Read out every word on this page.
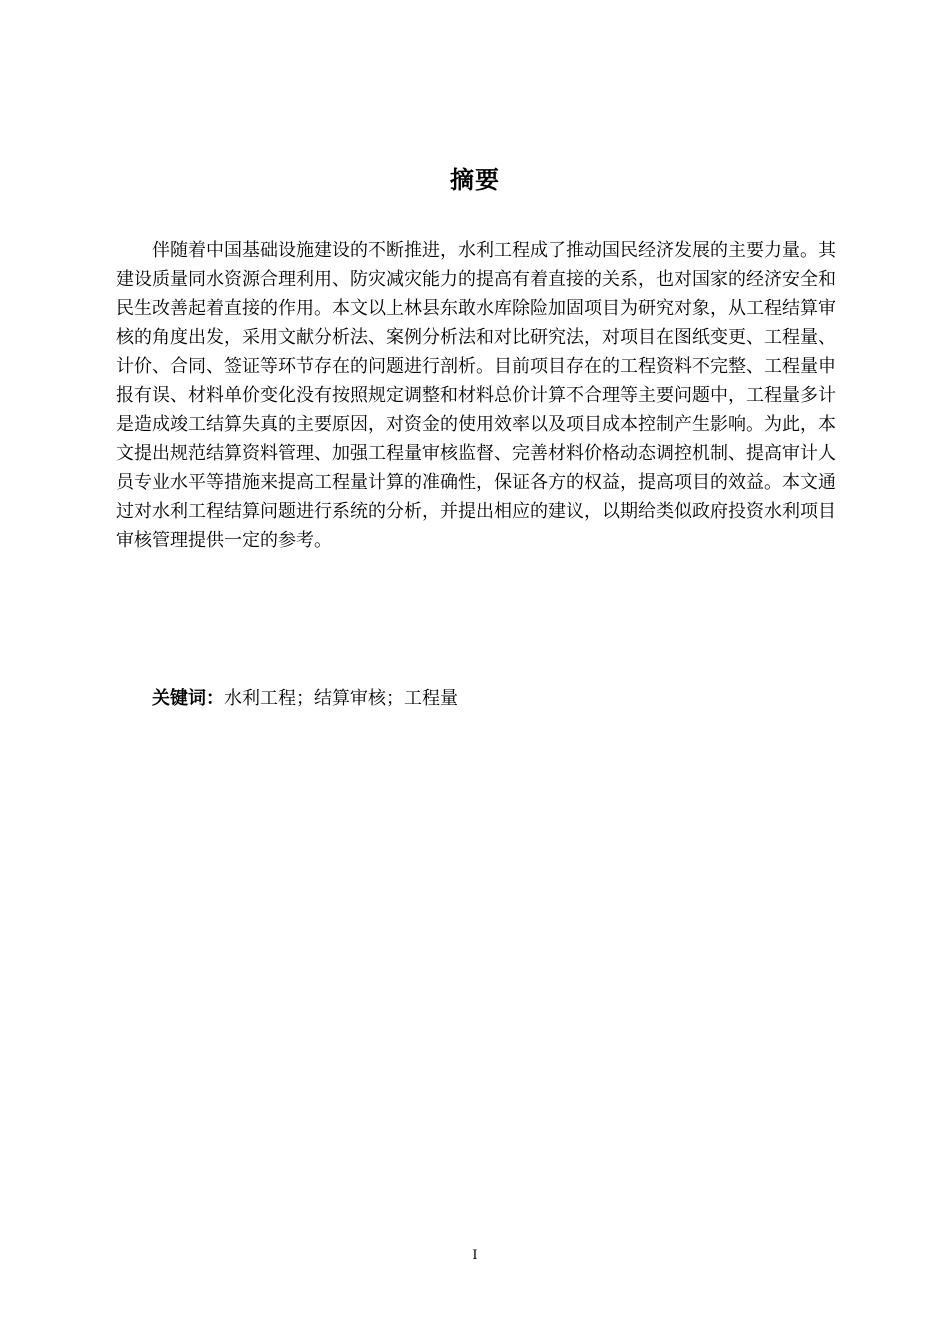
摘要

伴随着中国基础设施建设的不断推进，水利工程成了推动国民经济发展的主要力量。其建设质量同水资源合理利用、防灾减灾能力的提高有着直接的关系，也对国家的经济安全和民生改善起着直接的作用。本文以上林县东敢水库除险加固项目为研究对象，从工程结算审核的角度出发，采用文献分析法、案例分析法和对比研究法，对项目在图纸变更、工程量、计价、合同、签证等环节存在的问题进行剖析。目前项目存在的工程资料不完整、工程量申报有误、材料单价变化没有按照规定调整和材料总价计算不合理等主要问题中，工程量多计是造成竣工结算失真的主要原因，对资金的使用效率以及项目成本控制产生影响。为此，本文提出规范结算资料管理、加强工程量审核监督、完善材料价格动态调控机制、提高审计人员专业水平等措施来提高工程量计算的准确性，保证各方的权益，提高项目的效益。本文通过对水利工程结算问题进行系统的分析，并提出相应的建议，以期给类似政府投资水利项目审核管理提供一定的参考。

关键词：水利工程；结算审核；工程量
I
